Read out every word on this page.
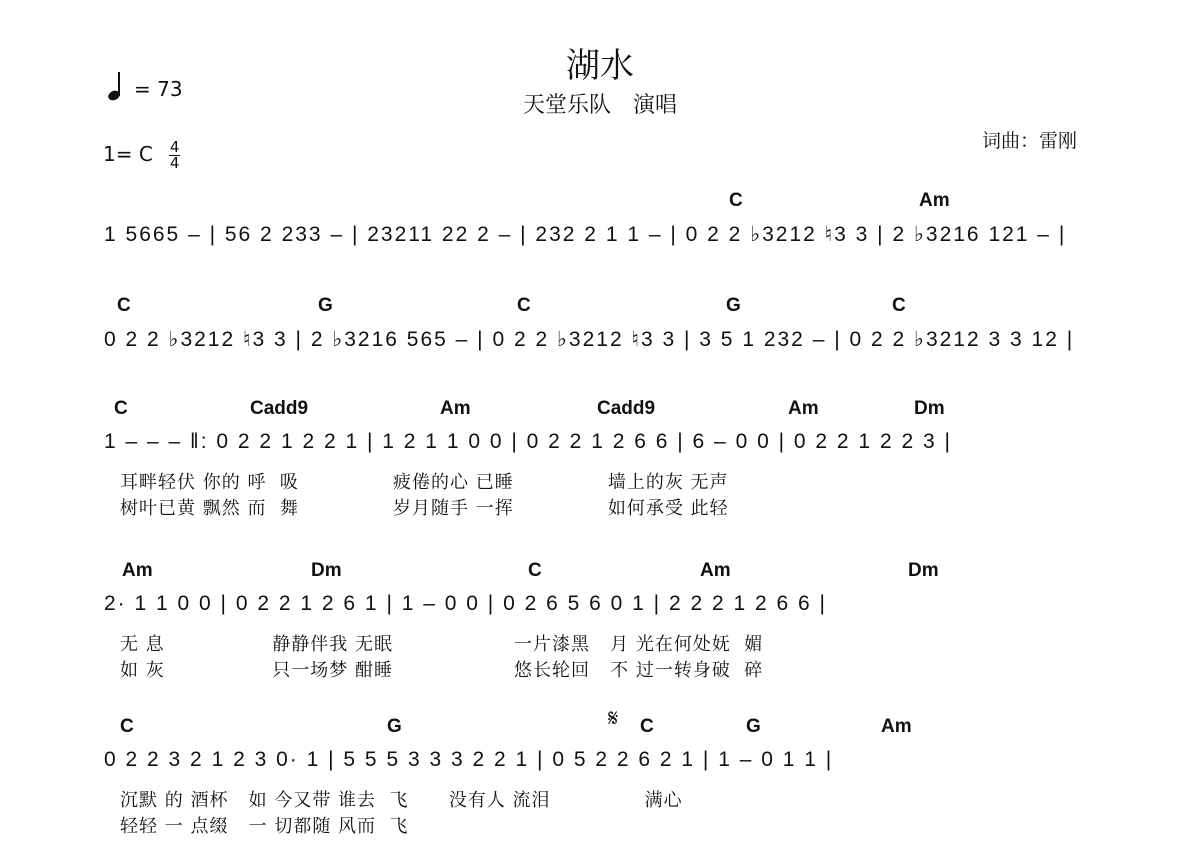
湖水
天堂乐队　演唱
= 73
1= C $\frac{4}{4}$	词曲：雷刚
C	Am
1 5665 – | 56 2 233 – | 23211 22 2 – | 232 2 1 1 – | 0 2 2 ♭3212 ♮3 3 | 2 ♭3216 121 – |
C	G	C	G	C
0 2 2 ♭3212 ♮3 3 | 2 ♭3216 565 – | 0 2 2 ♭3212 ♮3 3 | 3 5 1 232 – | 0 2 2 ♭3212 3 3 12 |
C	Cadd9	Am	Cadd9	Am	Dm
1 – – – ‖: 0 2 2 1 2 2 1 | 1 2 1 1 0 0 | 0 2 2 1 2 6 6 | 6 – 0 0 | 0 2 2 1 2 2 3 |
耳畔轻伏 你的 呼  吸              疲倦的心 已睡              墙上的灰 无声
树叶已黄 飘然 而  舞              岁月随手 一挥              如何承受 此轻
Am	Dm	C	Am	Dm
2· 1 1 0 0 | 0 2 2 1 2 6 1 | 1 – 0 0 | 0 2 6 5 6 0 1 | 2 2 2 1 2 6 6 |
无 息                静静伴我 无眠                  一片漆黑   月 光在何处妩  媚
如 灰                只一场梦 酣睡                  悠长轮回   不 过一转身破  碎
C	G	C	G	Am
0 2 2 3 2 1 2 3 0· 1 | 5 5 5 3 3 3 2 2 1 | 0 5 2 2 6 2 1 | 1 – 0 1 1 |
沉默 的 酒杯   如 今又带 谁去  飞      没有人 流泪              满心
轻轻 一 点缀   一 切都随 风而  飞
𝄋
